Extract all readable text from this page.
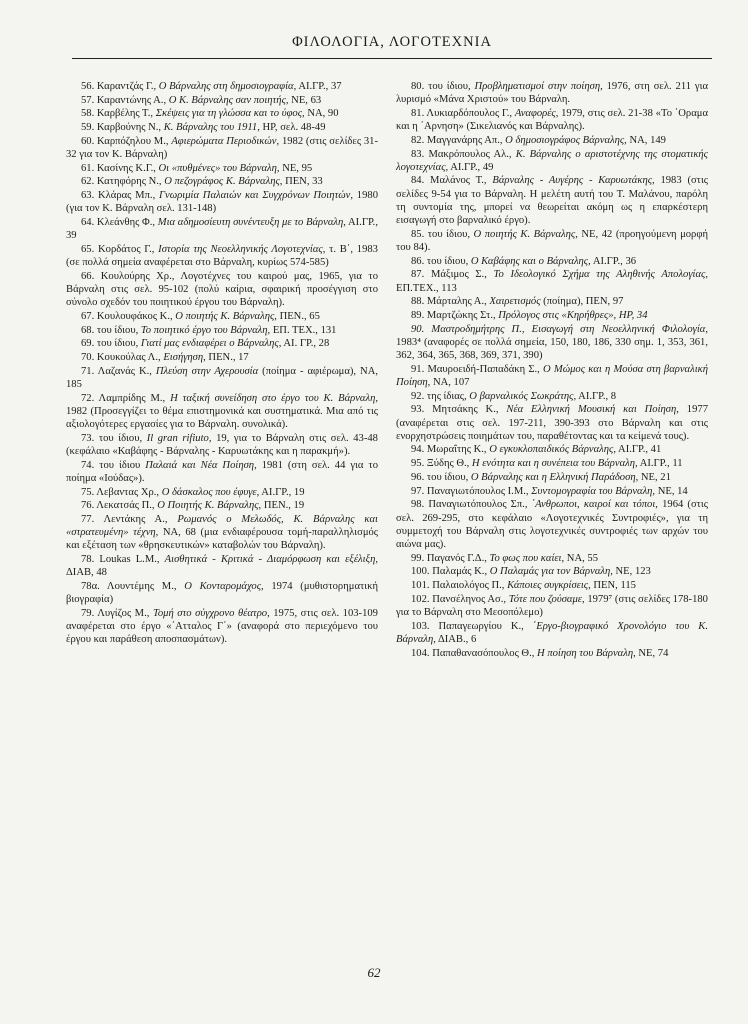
ΦΙΛΟΛΟΓΙΑ, ΛΟΓΟΤΕΧΝΙΑ

56. Καραντζάς Γ., Ο Βάρναλης στη δημοσιογραφία, ΑΙ.ΓΡ., 37

57. Καραντώνης Α., Ο Κ. Βάρναλης σαν ποιητής, ΝΕ, 63

58. Καρβέλης Τ., Σκέψεις για τη γλώσσα και το ύφος, ΝΑ, 90

59. Καρβούνης Ν., Κ. Βάρναλης του 1911, ΗΡ, σελ. 48-49

60. Καρπόζηλου Μ., Αφιερώματα Περιοδικών, 1982 (στις σελίδες 31-32 για τον Κ. Βάρναλη)

61. Κασίνης Κ.Γ., Οι «πυθμένες» του Βάρναλη, ΝΕ, 95

62. Κατηφόρης Ν., Ο πεζογράφος Κ. Βάρναλης, ΠΕΝ, 33

63. Κλάρας Μπ., Γνωριμία Παλαιών και Συγχρόνων Ποιητών, 1980 (για τον Κ. Βάρναλη σελ. 131-148)

64. Κλεάνθης Φ., Μια αδημοσίευτη συνέντευξη με το Βάρναλη, ΑΙ.ΓΡ., 39

65. Κορδάτος Γ., Ιστορία της Νεοελληνικής Λογοτεχνίας, τ. Β΄, 1983 (σε πολλά σημεία αναφέρεται στο Βάρναλη, κυρίως 574-585)

66. Κουλούρης Χρ., Λογοτέχνες του καιρού μας, 1965, για το Βάρναλη στις σελ. 95-102 (πολύ καίρια, σφαιρική προσέγγιση στο σύνολο σχεδόν του ποιητικού έργου του Βάρναλη).

67. Κουλουφάκος Κ., Ο ποιητής Κ. Βάρναλης, ΠΕΝ., 65

68. του ίδιου, Το ποιητικό έργο του Βάρναλη, ΕΠ. ΤΕΧ., 131

69. του ίδιου, Γιατί μας ενδιαφέρει ο Βάρναλης, ΑΙ. ΓΡ., 28

70. Κουκούλας Λ., Εισήγηση, ΠΕΝ., 17

71. Λαζανάς Κ., Πλεύση στην Αχερουσία (ποίημα - αφιέρωμα), ΝΑ, 185

72. Λαμπρίδης Μ., Η ταξική συνείδηση στο έργο του Κ. Βάρναλη, 1982 (Προσεγγίζει το θέμα επιστημονικά και συστηματικά. Μια από τις αξιολογότερες εργασίες για το Βάρναλη. συνολικά).

73. του ίδιου, Il gran rifiuto, 19, για το Βάρναλη στις σελ. 43-48 (κεφάλαιο «Καβάφης - Βάρναλης - Καρυωτάκης και η παρακμή»).

74. του ίδιου Παλαιά και Νέα Ποίηση, 1981 (στη σελ. 44 για το ποίημα «Ιούδας»).

75. Λεβαντας Χρ., Ο δάσκαλος που έφυγε, ΑΙ.ΓΡ., 19

76. Λεκατσάς Π., Ο Ποιητής Κ. Βάρναλης, ΠΕΝ., 19

77. Λεντάκης Α., Ρωμανός ο Μελωδός, Κ. Βάρναλης και «στρατευμένη» τέχνη, ΝΑ, 68 (μια ενδιαφέρουσα τομή-παραλληλισμός και εξέταση των «θρησκευτικών» καταβολών του Βάρναλη).

78. Loukas L.M., Αισθητικά - Κριτικά - Διαμόρφωση και εξέλιξη, ΔΙΑΒ, 48

78α. Λουντέμης Μ., Ο Κονταρομάχος, 1974 (μυθιστορηματική βιογραφία)

79. Λυγίζος Μ., Τομή στο σύγχρονο θέατρο, 1975, στις σελ. 103-109 αναφέρεται στο έργο «΄Ατταλος Γ΄» (αναφορά στο περιεχόμενο του έργου και παράθεση αποσπασμάτων).

80. του ίδιου, Προβληματισμοί στην ποίηση, 1976, στη σελ. 211 για λυρισμό «Μάνα Χριστού» του Βάρναλη.

81. Λυκιαρδόπουλος Γ., Αναφορές, 1979, στις σελ. 21-38 «Το ΄Οραμα και η ΄Αρνηση» (Σικελιανός και Βάρναλης).

82. Μαγγανάρης Απ., Ο δημοσιογράφος Βάρναλης, ΝΑ, 149

83. Μακρόπουλος Αλ., Κ. Βάρναλης ο αριστοτέχνης της στοματικής λογοτεχνίας, ΑΙ.ΓΡ., 49

84. Μαλάνος Τ., Βάρναλης - Αυγέρης - Καρυωτάκης, 1983 (στις σελίδες 9-54 για το Βάρναλη. Η μελέτη αυτή του Τ. Μαλάνου, παρόλη τη συντομία της, μπορεί να θεωρείται ακόμη ως η επαρκέστερη εισαγωγή στο βαρναλικό έργο).

85. του ίδιου, Ο ποιητής Κ. Βάρναλης, ΝΕ, 42 (προηγούμενη μορφή του 84).

86. του ίδιου, Ο Καβάφης και ο Βάρναλης, ΑΙ.ΓΡ., 36

87. Μάξιμος Σ., Το Ιδεολογικό Σχήμα της Αληθινής Απολογίας, ΕΠ.ΤΕΧ., 113

88. Μάρταλης Α., Χαιρετισμός (ποίημα), ΠΕΝ, 97

89. Μαρτζώκης Στ., Πρόλογος στις «Κηρήθρες», ΗΡ, 34

90. Μαστροδημήτρης Π., Εισαγωγή στη Νεοελληνική Φιλολογία, 1983⁴ (αναφορές σε πολλά σημεία, 150, 180, 186, 330 σημ. 1, 353, 361, 362, 364, 365, 368, 369, 371, 390)

91. Μαυροειδή-Παπαδάκη Σ., Ο Μώμος και η Μούσα στη βαρναλική Ποίηση, ΝΑ, 107

92. της ίδιας, Ο βαρναλικός Σωκράτης, ΑΙ.ΓΡ., 8

93. Μητσάκης Κ., Νέα Ελληνική Μουσική και Ποίηση, 1977 (αναφέρεται στις σελ. 197-211, 390-393 στο Βάρναλη και στις ενορχηστρώσεις ποιημάτων του, παραθέτοντας και τα κείμενά τους).

94. Μωραΐτης Κ., Ο εγκυκλοπαιδικός Βάρναλης, ΑΙ.ΓΡ., 41

95. Ξύδης Θ., Η ενότητα και η συνέπεια του Βάρναλη, ΑΙ.ΓΡ., 11

96. του ίδιου, Ο Βάρναλης και η Ελληνική Παράδοση, ΝΕ, 21

97. Παναγιωτόπουλος Ι.Μ., Συντομογραφία του Βάρναλη, ΝΕ, 14

98. Παναγιωτόπουλος Σπ., ΄Ανθρωποι, καιροί και τόποι, 1964 (στις σελ. 269-295, στο κεφάλαιο «Λογοτεχνικές Συντροφιές», για τη συμμετοχή του Βάρναλη στις λογοτεχνικές συντροφιές των αρχών του αιώνα μας).

99. Παγανός Γ.Δ., Το φως που καίει, ΝΑ, 55

100. Παλαμάς Κ., Ο Παλαμάς για τον Βάρναλη, ΝΕ, 123

101. Παλαιολόγος Π., Κάποιες συγκρίσεις, ΠΕΝ, 115

102. Πανσέληνος Ασ., Τότε που ζούσαμε, 1979⁷ (στις σελίδες 178-180 για το Βάρναλη στο Μεσοπόλεμο)

103. Παπαγεωργίου Κ., ΄Εργο-βιογραφικό Χρονολόγιο του Κ. Βάρναλη, ΔΙΑΒ., 6

104. Παπαθανασόπουλος Θ., Η ποίηση του Βάρναλη, ΝΕ, 74

62
